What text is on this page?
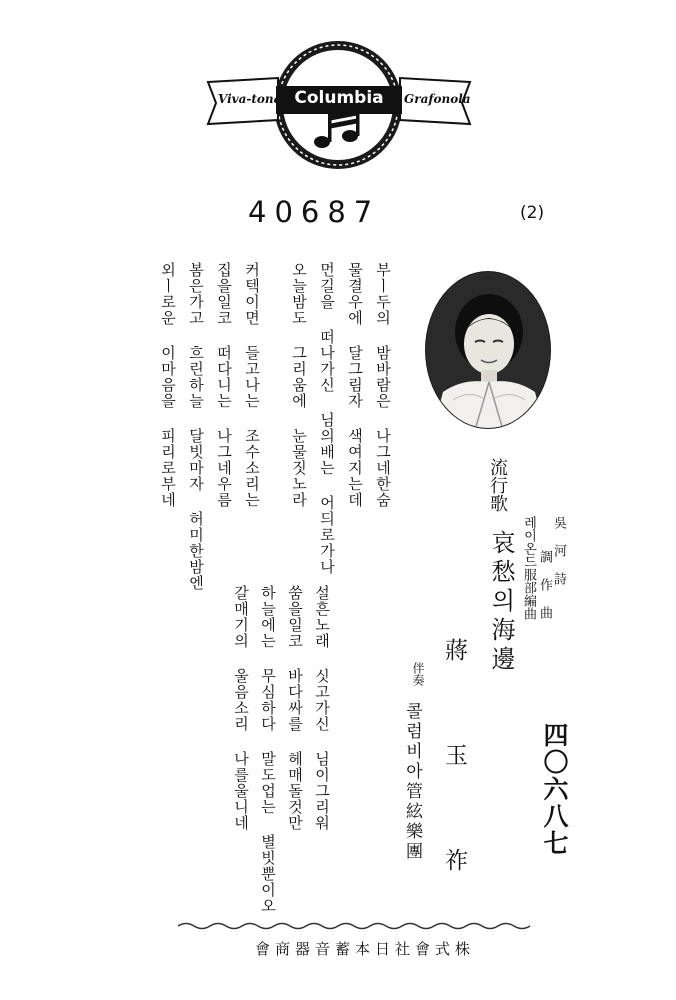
Viva-tonal Columbia	Grafonola
40687	(2)
부ㅣ두의 밤바람은 나그네한숨
물결우에 달그림자 색여지는데
먼길을 떠나가신 님의배는 어듸로가나
오늘밤도 그리움에 눈물짓노라
커텍이면 들고나는 조수소리는
집을일코 떠다니는 나그네우름
봄은가고 흐린하늘 달빗마자 허미한밤엔
외ㅣ로운 이마음을 피리로부네
설흔노래 싯고가신 님이그리워
쑴을일코 바다싸를 헤매돌것만
하늘에는 무심하다 말도업는 별빗뿐이오
갈매기의 울음소리 나를울니네
流行歌
哀愁의海邊	吳 河 詩
調 作 曲
레이온드服部編曲
蔣 玉 祚
伴奏
콜럼비아管絃樂團	四〇六八七
會商器音蓄本日社會式株
